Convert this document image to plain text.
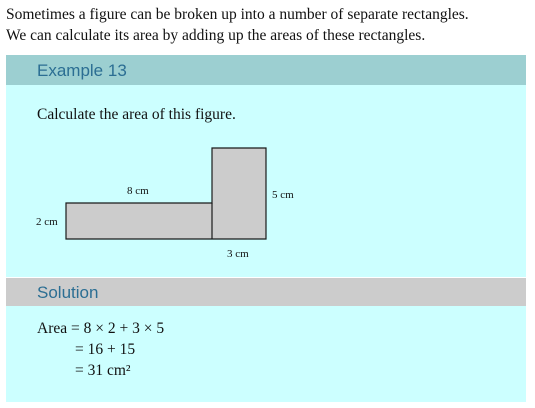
Sometimes a figure can be broken up into a number of separate rectangles.
We can calculate its area by adding up the areas of these rectangles.
Example 13
Calculate the area of this figure.
8 cm
2 cm
5 cm
3 cm
Solution
Area = 8 × 2 + 3 × 5
= 16 + 15
= 31 cm²
